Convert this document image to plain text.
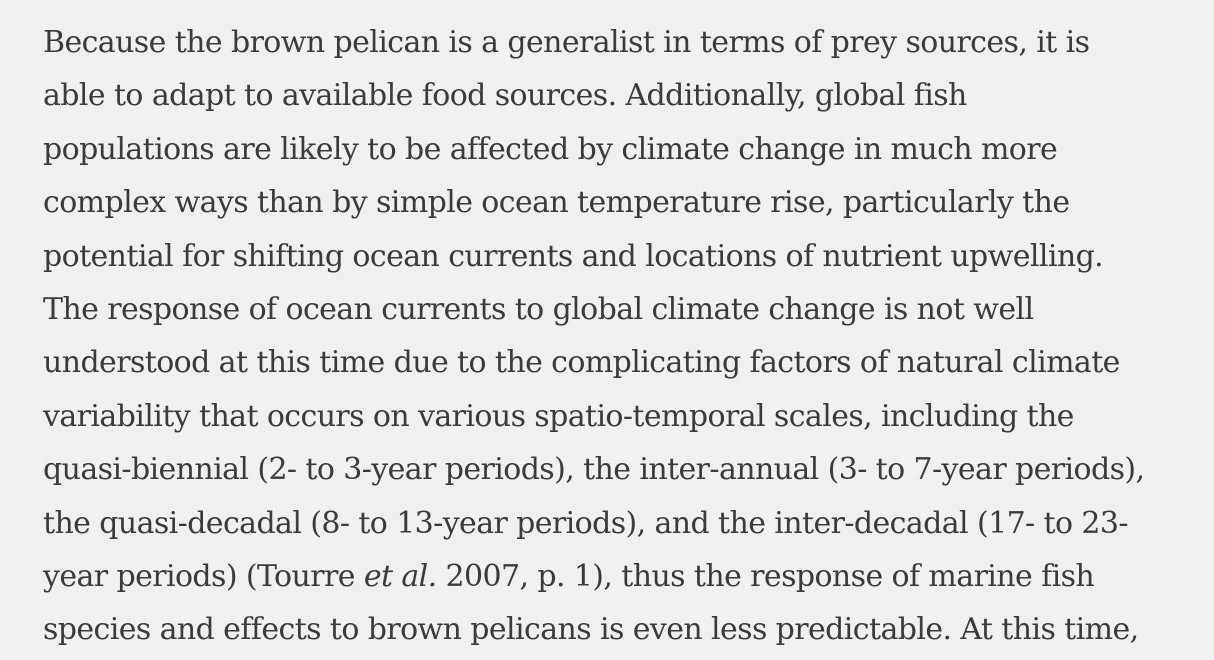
Because the brown pelican is a generalist in terms of prey sources, it is
able to adapt to available food sources. Additionally, global fish
populations are likely to be affected by climate change in much more
complex ways than by simple ocean temperature rise, particularly the
potential for shifting ocean currents and locations of nutrient upwelling.
The response of ocean currents to global climate change is not well
understood at this time due to the complicating factors of natural climate
variability that occurs on various spatio-temporal scales, including the
quasi-biennial (2- to 3-year periods), the inter-annual (3- to 7-year periods),
the quasi-decadal (8- to 13-year periods), and the inter-decadal (17- to 23-
year periods) (Tourre et al. 2007, p. 1), thus the response of marine fish
species and effects to brown pelicans is even less predictable. At this time,
